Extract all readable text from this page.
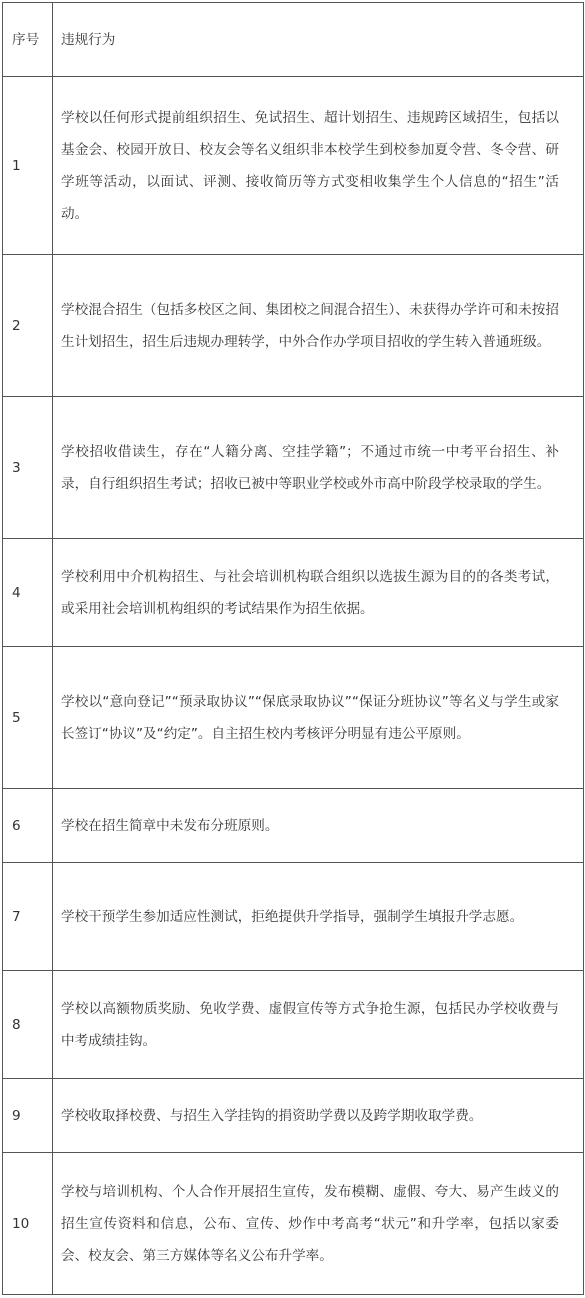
序号	违规行为
1	学校以任何形式提前组织招生、免试招生、超计划招生、违规跨区域招生，包括以基金会、校园开放日、校友会等名义组织非本校学生到校参加夏令营、冬令营、研学班等活动，以面试、评测、接收简历等方式变相收集学生个人信息的“招生”活动。
2	学校混合招生（包括多校区之间、集团校之间混合招生）、未获得办学许可和未按招生计划招生，招生后违规办理转学，中外合作办学项目招收的学生转入普通班级。
3	学校招收借读生，存在“人籍分离、空挂学籍”；不通过市统一中考平台招生、补录，自行组织招生考试；招收已被中等职业学校或外市高中阶段学校录取的学生。
4	学校利用中介机构招生、与社会培训机构联合组织以选拔生源为目的的各类考试，或采用社会培训机构组织的考试结果作为招生依据。
5	学校以“意向登记”“预录取协议”“保底录取协议”“保证分班协议”等名义与学生或家长签订“协议”及“约定”。自主招生校内考核评分明显有违公平原则。
6	学校在招生简章中未发布分班原则。
7	学校干预学生参加适应性测试，拒绝提供升学指导，强制学生填报升学志愿。
8	学校以高额物质奖励、免收学费、虚假宣传等方式争抢生源，包括民办学校收费与中考成绩挂钩。
9	学校收取择校费、与招生入学挂钩的捐资助学费以及跨学期收取学费。
10	学校与培训机构、个人合作开展招生宣传，发布模糊、虚假、夸大、易产生歧义的招生宣传资料和信息，公布、宣传、炒作中考高考“状元”和升学率，包括以家委会、校友会、第三方媒体等名义公布升学率。
